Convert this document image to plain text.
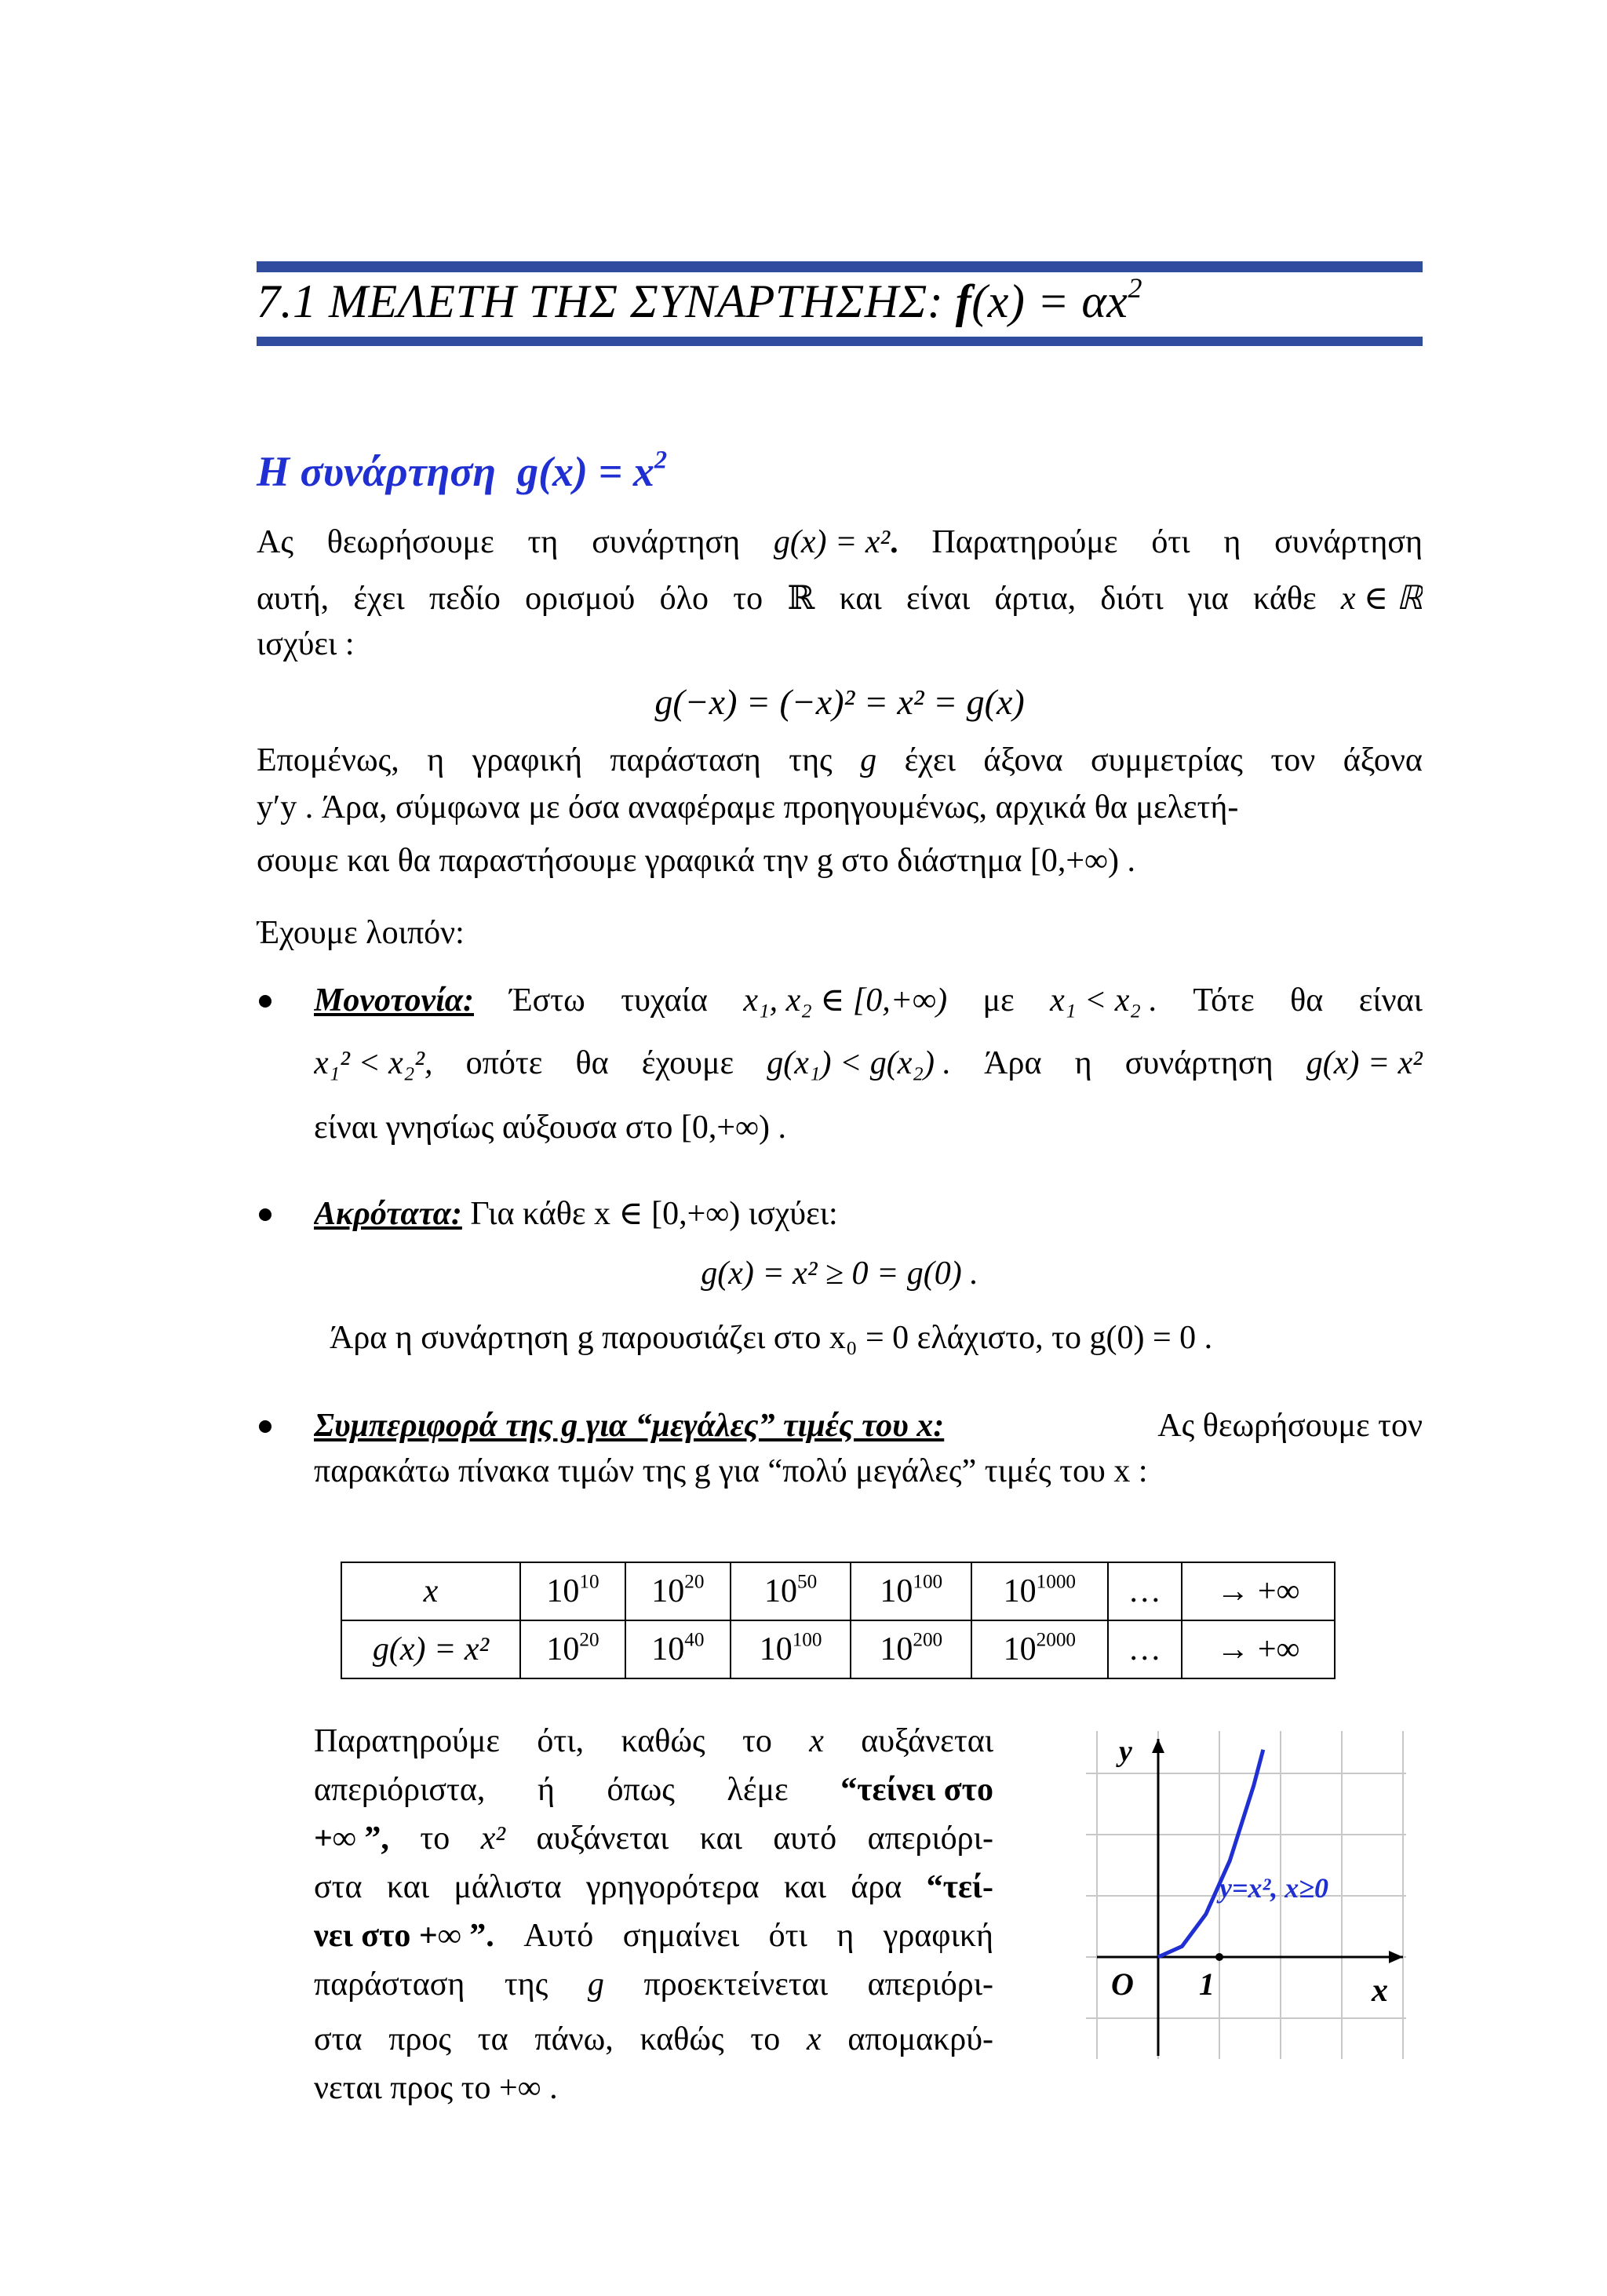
7.1 ΜΕΛΕΤΗ ΤΗΣ ΣΥΝΑΡΤΗΣΗΣ: $f(x) = \alpha x^2$
Η συνάρτηση $g(x) = x^2$
Ας θεωρήσουμε τη συνάρτηση g(x) = x². Παρατηρούμε ότι η συνάρτηση
αυτή, έχει πεδίο ορισμού όλο το ℝ και είναι άρτια, διότι για κάθε x ∈ ℝ
ισχύει :
g(−x) = (−x)² = x² = g(x)
Επομένως, η γραφική παράσταση της g έχει άξονα συμμετρίας τον άξονα
y′y . Άρα, σύμφωνα με όσα αναφέραμε προηγουμένως, αρχικά θα μελετή-
σουμε και θα παραστήσουμε γραφικά την g στο διάστημα [0,+∞) .
Έχουμε λοιπόν:
Μονοτονία: Έστω τυχαία x₁, x₂ ∈ [0,+∞) με x₁ < x₂ . Τότε θα είναι
x₁² < x₂², οπότε θα έχουμε g(x₁) < g(x₂) . Άρα η συνάρτηση g(x) = x²
είναι γνησίως αύξουσα στο [0,+∞) .
Ακρότατα: Για κάθε x ∈ [0,+∞) ισχύει:
g(x) = x² ≥ 0 = g(0) .
Άρα η συνάρτηση g παρουσιάζει στο x₀ = 0 ελάχιστο, το g(0) = 0 .
Συμπεριφορά της g για “μεγάλες” τιμές του x:	Ας θεωρήσουμε τον
παρακάτω πίνακα τιμών της g για “πολύ μεγάλες” τιμές του x :
x	$10^{10}$	$10^{20}$	$10^{50}$	$10^{100}$	$10^{1000}$	…	→ +∞
g(x) = x²	$10^{20}$	$10^{40}$	$10^{100}$	$10^{200}$	$10^{2000}$	…	→ +∞
Παρατηρούμε ότι, καθώς το x αυξάνεται
απεριόριστα, ή όπως λέμε “τείνει στο
+∞ ”, το x² αυξάνεται και αυτό απεριόρι-
στα και μάλιστα γρηγορότερα και άρα “τεί-
νει στο +∞ ”. Αυτό σημαίνει ότι η γραφική
παράσταση της g προεκτείνεται απεριόρι-
στα προς τα πάνω, καθώς το x απομακρύ-
νεται προς το +∞ .
y
x
O 1
y=x², x≥0
